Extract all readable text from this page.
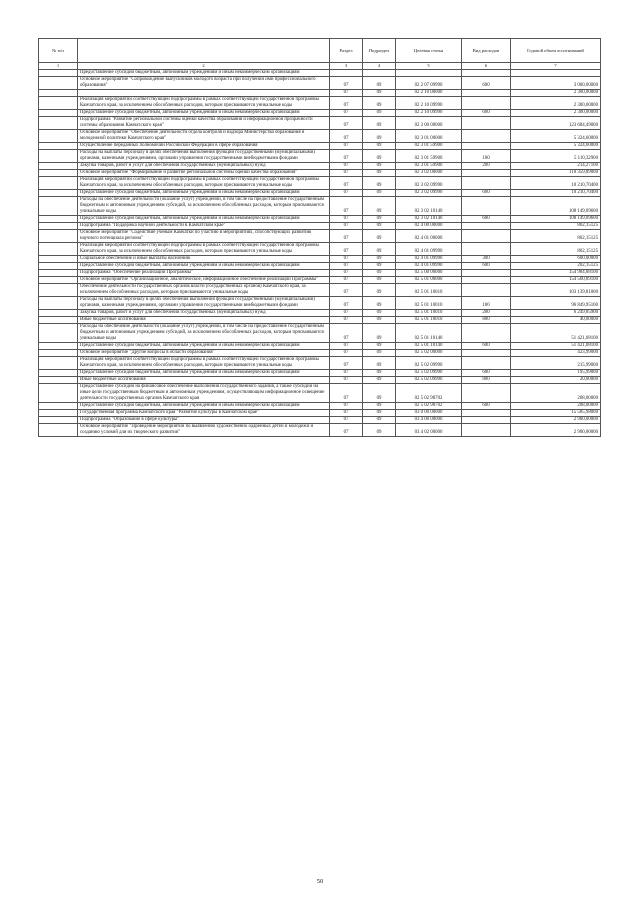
№ п/п		Раздел	Подраздел	Целевая статья	Вид расходов	Годовой объем ассигнований
1	2	3	4	5	6	7
	Предоставление субсидий бюджетным, автономным учреждениям и иным некоммерческим организациям					
	Основное мероприятие "Сопровождение выпускников молодого возраста при получении ими профессионального образования"	07	09	02 2 07 09990	600	3 000,00000
		07	09	02 2 10 00000		2 300,00000
	Реализация мероприятий соответствующей подпрограммы в рамках соответствующей государственной программы Камчатского края, за исключением обособленных расходов, которым присваиваются уникальные коды	07	09	02 2 10 09990		2 300,00000
	Предоставление субсидий бюджетным, автономным учреждениям и иным некоммерческим организациям	07	09	02 2 10 09990	600	2 300,00000
	Подпрограмма "Развитие региональной системы оценки качества образования и информационной прозрачности системы образования Камчатского края"	07	09	02 3 00 00000		123 684,49000
	Основное мероприятие "Обеспечение деятельности отдела контроля и надзора Министерства образования и молодежной политики Камчатского края"	07	09	02 3 01 00000		5 324,60000
	Осуществление переданных полномочий Российской Федерации в сфере образования	07	09	02 3 01 59900		5 324,60000
	Расходы на выплаты персоналу в целях обеспечения выполнения функций государственными (муниципальными) органами, казенными учреждениями, органами управления государственными внебюджетными фондами	07	09	02 3 01 59900	100	5 110,32900
	Закупка товаров, работ и услуг для обеспечения государственных (муниципальных) нужд	07	09	02 3 01 59900	200	214,27100
	Основное мероприятие "Формирование и развитие региональной системы оценки качества образования"	07	09	02 3 02 00000		118 359,89000
	Реализация мероприятий соответствующей подпрограммы в рамках соответствующей государственной программы Камчатского края, за исключением обособленных расходов, которым присваиваются уникальные коды	07	09	02 3 02 09990		10 210,70400
	Предоставление субсидий бюджетным, автономным учреждениям и иным некоммерческим организациям	07	09	02 3 02 09990	600	10 210,70400
	Расходы на обеспечение деятельности (оказание услуг) учреждений, в том числе на предоставление государственным бюджетным и автономным учреждениям субсидий, за исключением обособленных расходов, которым присваиваются уникальные коды	07	09	02 3 02 10140		108 149,09600
	Предоставление субсидий бюджетным, автономным учреждениям и иным некоммерческим организациям	07	09	02 3 02 10140	600	108 149,09600
	Подпрограмма "Поддержка научной деятельности в Камчатском крае"	07	09	02 4 00 00000		802,15125
	Основное мероприятие "Содействие ученым Камчатки по участию в мероприятиях, способствующих развитию научного потенциала региона"	07	09	02 4 01 00000		802,15125
	Реализация мероприятий соответствующей подпрограммы в рамках соответствующей государственной программы Камчатского края, за исключением обособленных расходов, которым присваиваются уникальные коды	07	09	02 4 01 09990		802,15125
	Социальное обеспечение и иные выплаты населению	07	09	02 4 01 09990	300	600,00000
	Предоставление субсидий бюджетным, автономным учреждениям и иным некоммерческим организациям	07	09	02 4 01 09990	600	202,15125
	Подпрограмма "Обеспечение реализации Программы"	07	09	02 5 00 00000		154 984,88100
	Основное мероприятие "Организационное, аналитическое, информационное обеспечение реализации Программы"	07	09	02 5 01 00000		154 560,89100
	Обеспечение деятельности государственных органов власти (государственных органов) Камчатского края, за исключением обособленных расходов, которым присваиваются уникальные коды	07	09	02 5 01 10010		103 139,81000
	Расходы на выплаты персоналу в целях обеспечения выполнения функций государственными (муниципальными) органами, казенными учреждениями, органами управления государственными внебюджетными фондами	07	09	02 5 01 10010	100	96 849,95100
	Закупка товаров, работ и услуг для обеспечения государственных (муниципальных) нужд	07	09	02 5 01 10010	200	6 249,85900
	Иные бюджетные ассигнования	07	09	02 5 01 10010	800	40,00000
	Расходы на обеспечение деятельности (оказание услуг) учреждений, в том числе на предоставление государственным бюджетным и автономным учреждениям субсидий, за исключением обособленных расходов, которым присваиваются уникальные коды	07	09	02 5 01 10140		51 421,08100
	Предоставление субсидий бюджетным, автономным учреждениям и иным некоммерческим организациям	07	09	02 5 01 10140	600	51 421,08100
	Основное мероприятие "Другие вопросы в области образования"	07	09	02 5 02 00000		423,99000
	Реализация мероприятий соответствующей подпрограммы в рамках соответствующей государственной программы Камчатского края, за исключением обособленных расходов, которым присваиваются уникальные коды	07	09	02 5 02 09990		215,99000
	Предоставление субсидий бюджетным, автономным учреждениям и иным некоммерческим организациям	07	09	02 5 02 09990	600	195,99000
	Иные бюджетные ассигнования	07	09	02 5 02 09990	800	20,00000
	Предоставление субсидий на финансовое обеспечение выполнения государственного задания, а также субсидий на иные цели государственным бюджетным и автономным учреждениям, осуществляющим информационное освещение деятельности государственных органов Камчатского края	07	09	02 5 02 98702		208,00000
	Предоставление субсидий бюджетным, автономным учреждениям и иным некоммерческим организациям	07	09	02 5 02 98702	600	208,00000
	Государственная программа Камчатского края "Развитие культуры в Камчатском крае"	07	09	03 0 00 00000		15 585,98000
	Подпрограмма "Образование в сфере культуры"	07	09	03 4 00 00000		2 900,00000
	Основное мероприятие "Проведение мероприятий по выявлению художественно одаренных детей и молодежи и созданию условий для их творческого развития"	07	09	03 4 02 00000		2 900,00000
50
